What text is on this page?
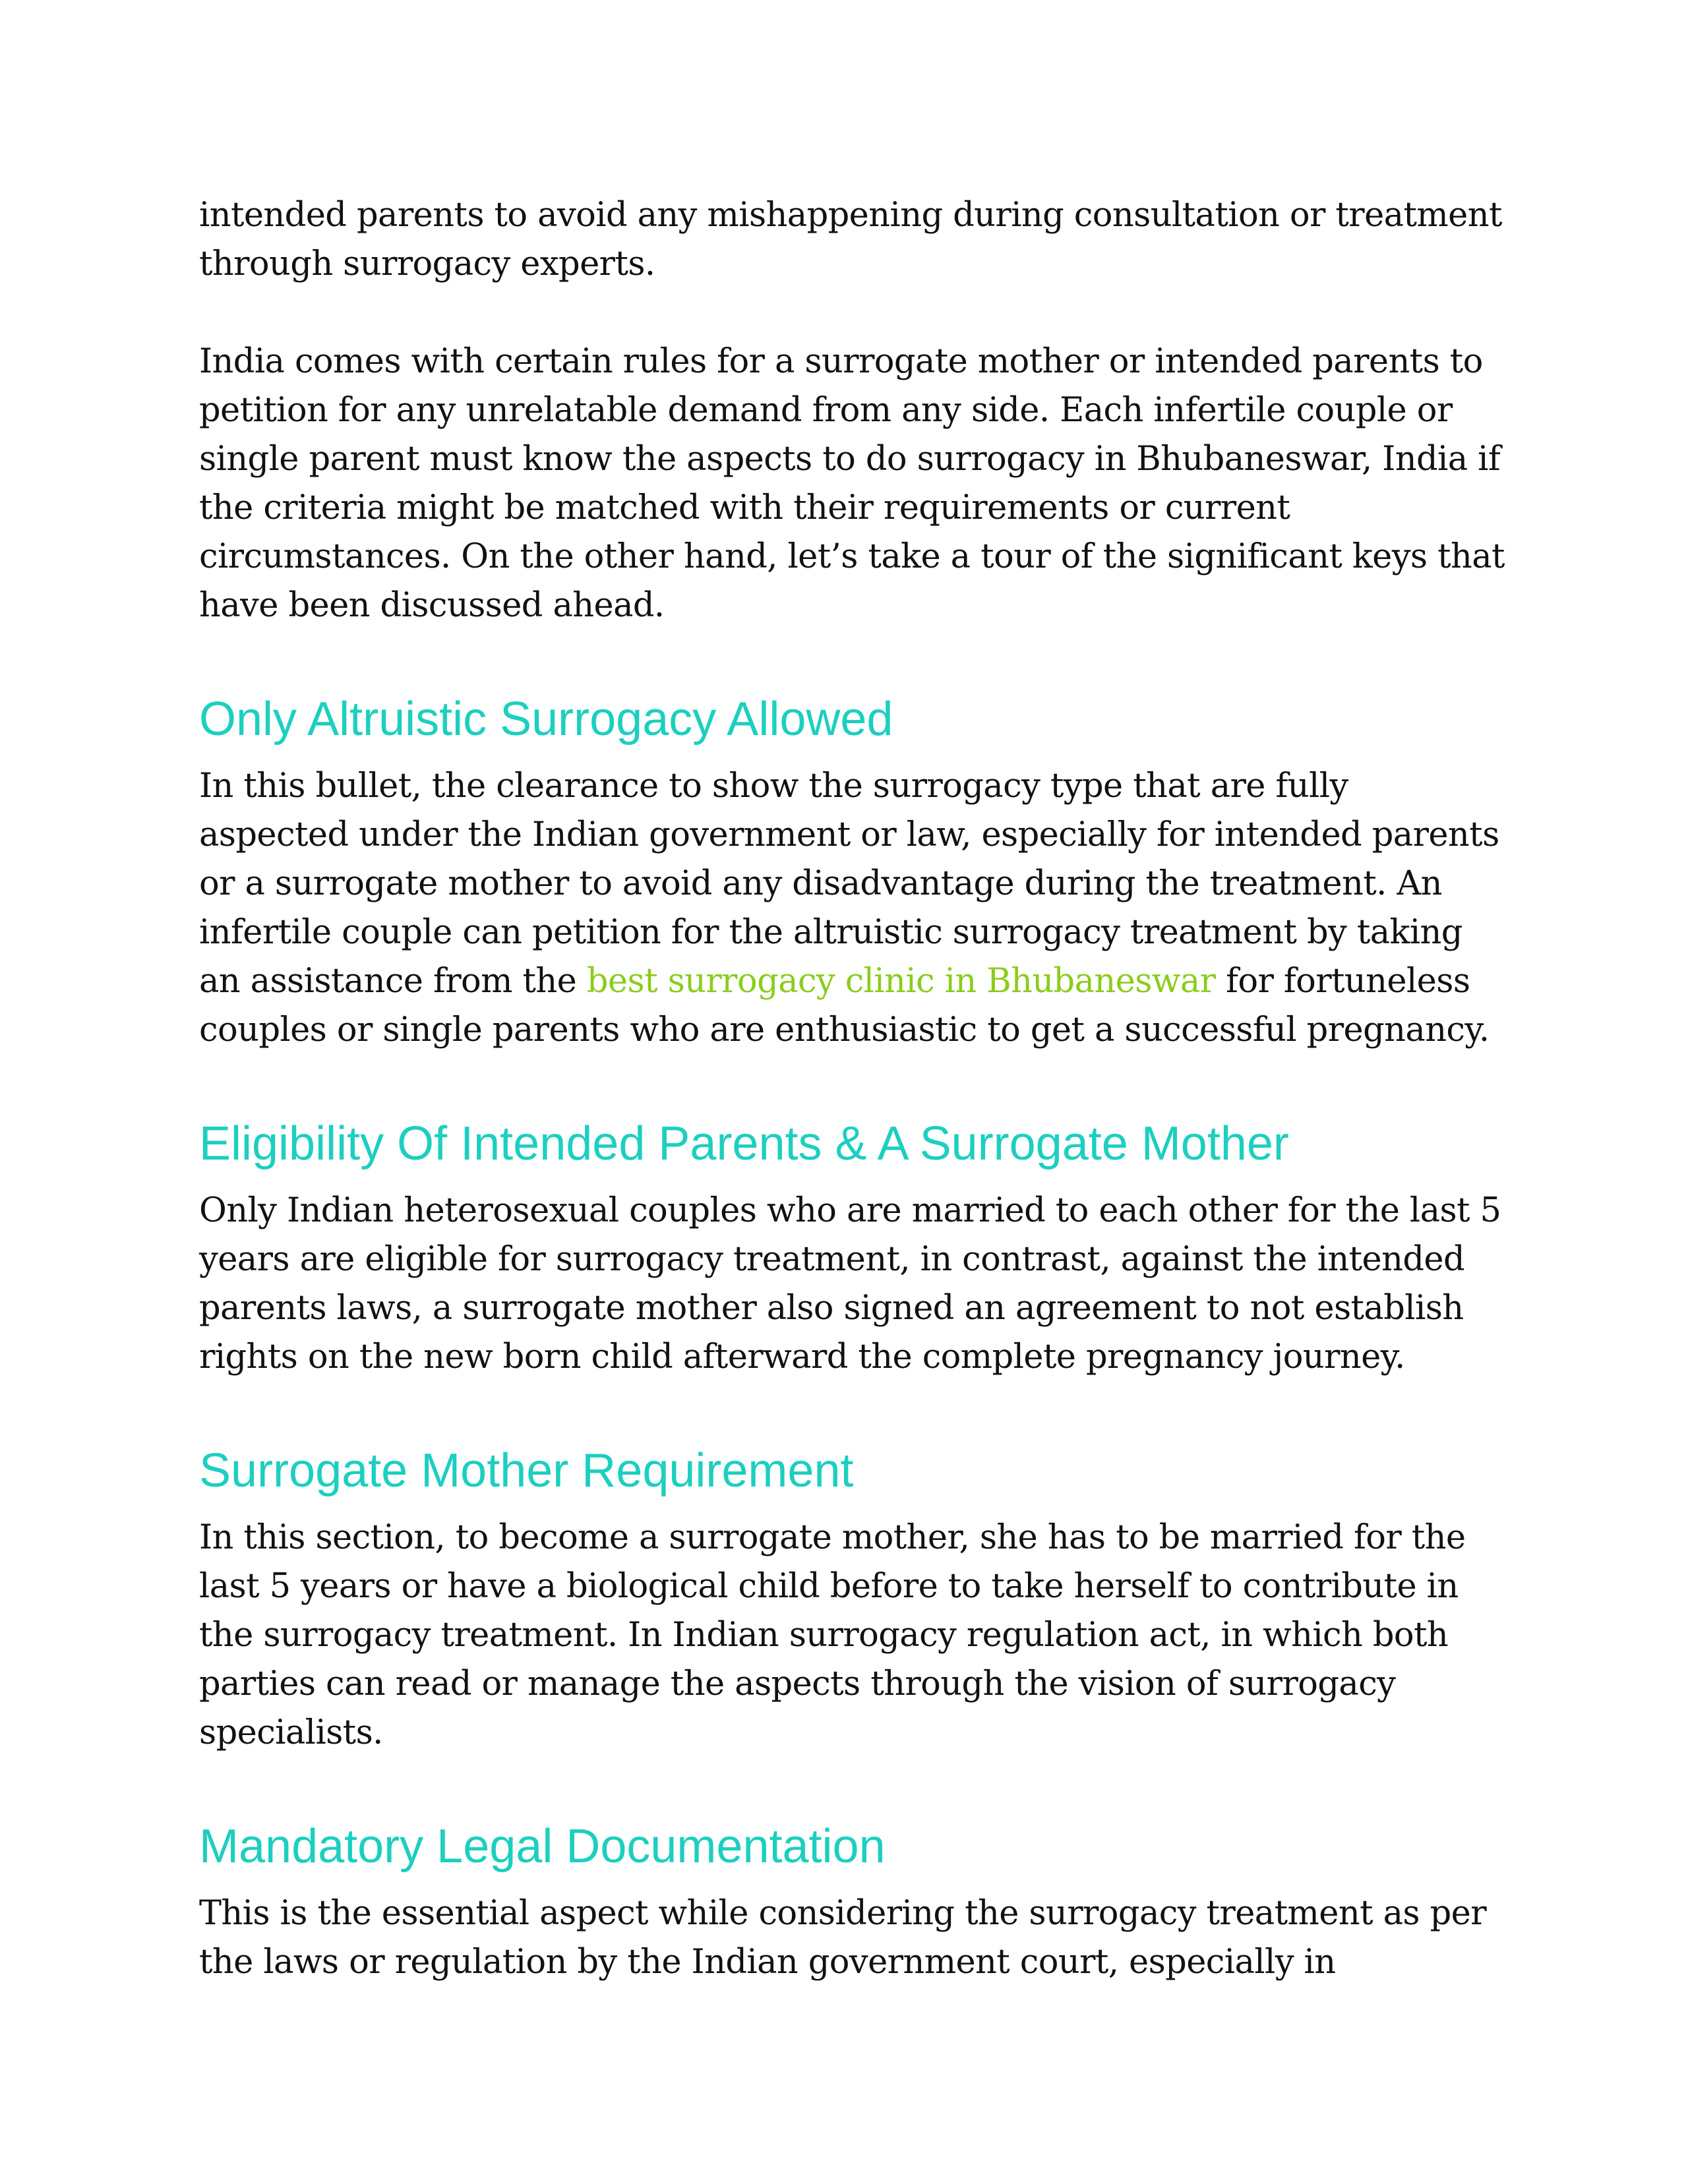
intended parents to avoid any mishappening during consultation or treatment through surrogacy experts.

India comes with certain rules for a surrogate mother or intended parents to petition for any unrelatable demand from any side. Each infertile couple or single parent must know the aspects to do surrogacy in Bhubaneswar, India if the criteria might be matched with their requirements or current circumstances. On the other hand, let’s take a tour of the significant keys that have been discussed ahead.

Only Altruistic Surrogacy Allowed

In this bullet, the clearance to show the surrogacy type that are fully aspected under the Indian government or law, especially for intended parents or a surrogate mother to avoid any disadvantage during the treatment. An infertile couple can petition for the altruistic surrogacy treatment by taking an assistance from the best surrogacy clinic in Bhubaneswar for fortuneless couples or single parents who are enthusiastic to get a successful pregnancy.

Eligibility Of Intended Parents & A Surrogate Mother

Only Indian heterosexual couples who are married to each other for the last 5 years are eligible for surrogacy treatment, in contrast, against the intended parents laws, a surrogate mother also signed an agreement to not establish rights on the new born child afterward the complete pregnancy journey.

Surrogate Mother Requirement

In this section, to become a surrogate mother, she has to be married for the last 5 years or have a biological child before to take herself to contribute in the surrogacy treatment. In Indian surrogacy regulation act, in which both parties can read or manage the aspects through the vision of surrogacy specialists.

Mandatory Legal Documentation

This is the essential aspect while considering the surrogacy treatment as per the laws or regulation by the Indian government court, especially in
